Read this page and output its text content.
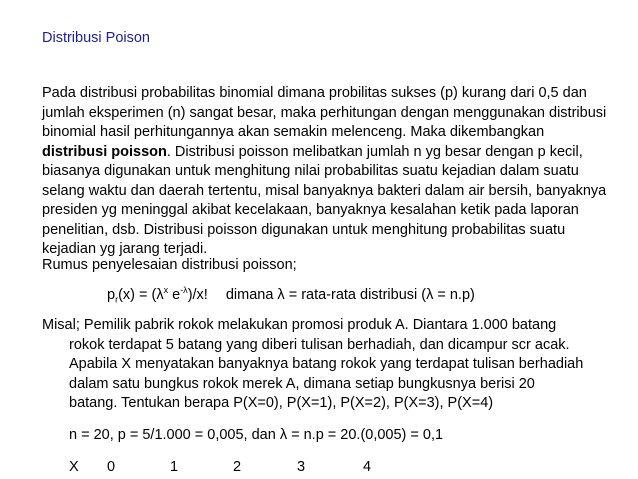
Distribusi Poison
Pada distribusi probabilitas binomial dimana probilitas sukses (p) kurang dari 0,5 dan jumlah eksperimen (n) sangat besar, maka perhitungan dengan menggunakan distribusi binomial hasil perhitungannya akan semakin melenceng. Maka dikembangkan distribusi poisson. Distribusi poisson melibatkan jumlah n yg besar dengan p kecil, biasanya digunakan untuk menghitung nilai probabilitas suatu kejadian dalam suatu selang waktu dan daerah tertentu, misal banyaknya bakteri dalam air bersih, banyaknya presiden yg meninggal akibat kecelakaan, banyaknya kesalahan ketik pada laporan penelitian, dsb. Distribusi poisson digunakan untuk menghitung probabilitas suatu kejadian yg jarang terjadi.
Rumus penyelesaian distribusi poisson;
$p_r(x) = (\lambda^x$ $e^{-\lambda})/x$! dimana λ = rata-rata distribusi (λ = n.p)
Misal; Pemilik pabrik rokok melakukan promosi produk A. Diantara 1.000 batang
rokok terdapat 5 batang yang diberi tulisan berhadiah, dan dicampur scr acak.
Apabila X menyatakan banyaknya batang rokok yang terdapat tulisan berhadiah
dalam satu bungkus rokok merek A, dimana setiap bungkusnya berisi 20
batang. Tentukan berapa P(X=0), P(X=1), P(X=2), P(X=3), P(X=4)
n = 20, p = 5/1.000 = 0,005, dan λ = n.p = 20.(0,005) = 0,1
X 0	1	2	3	4
